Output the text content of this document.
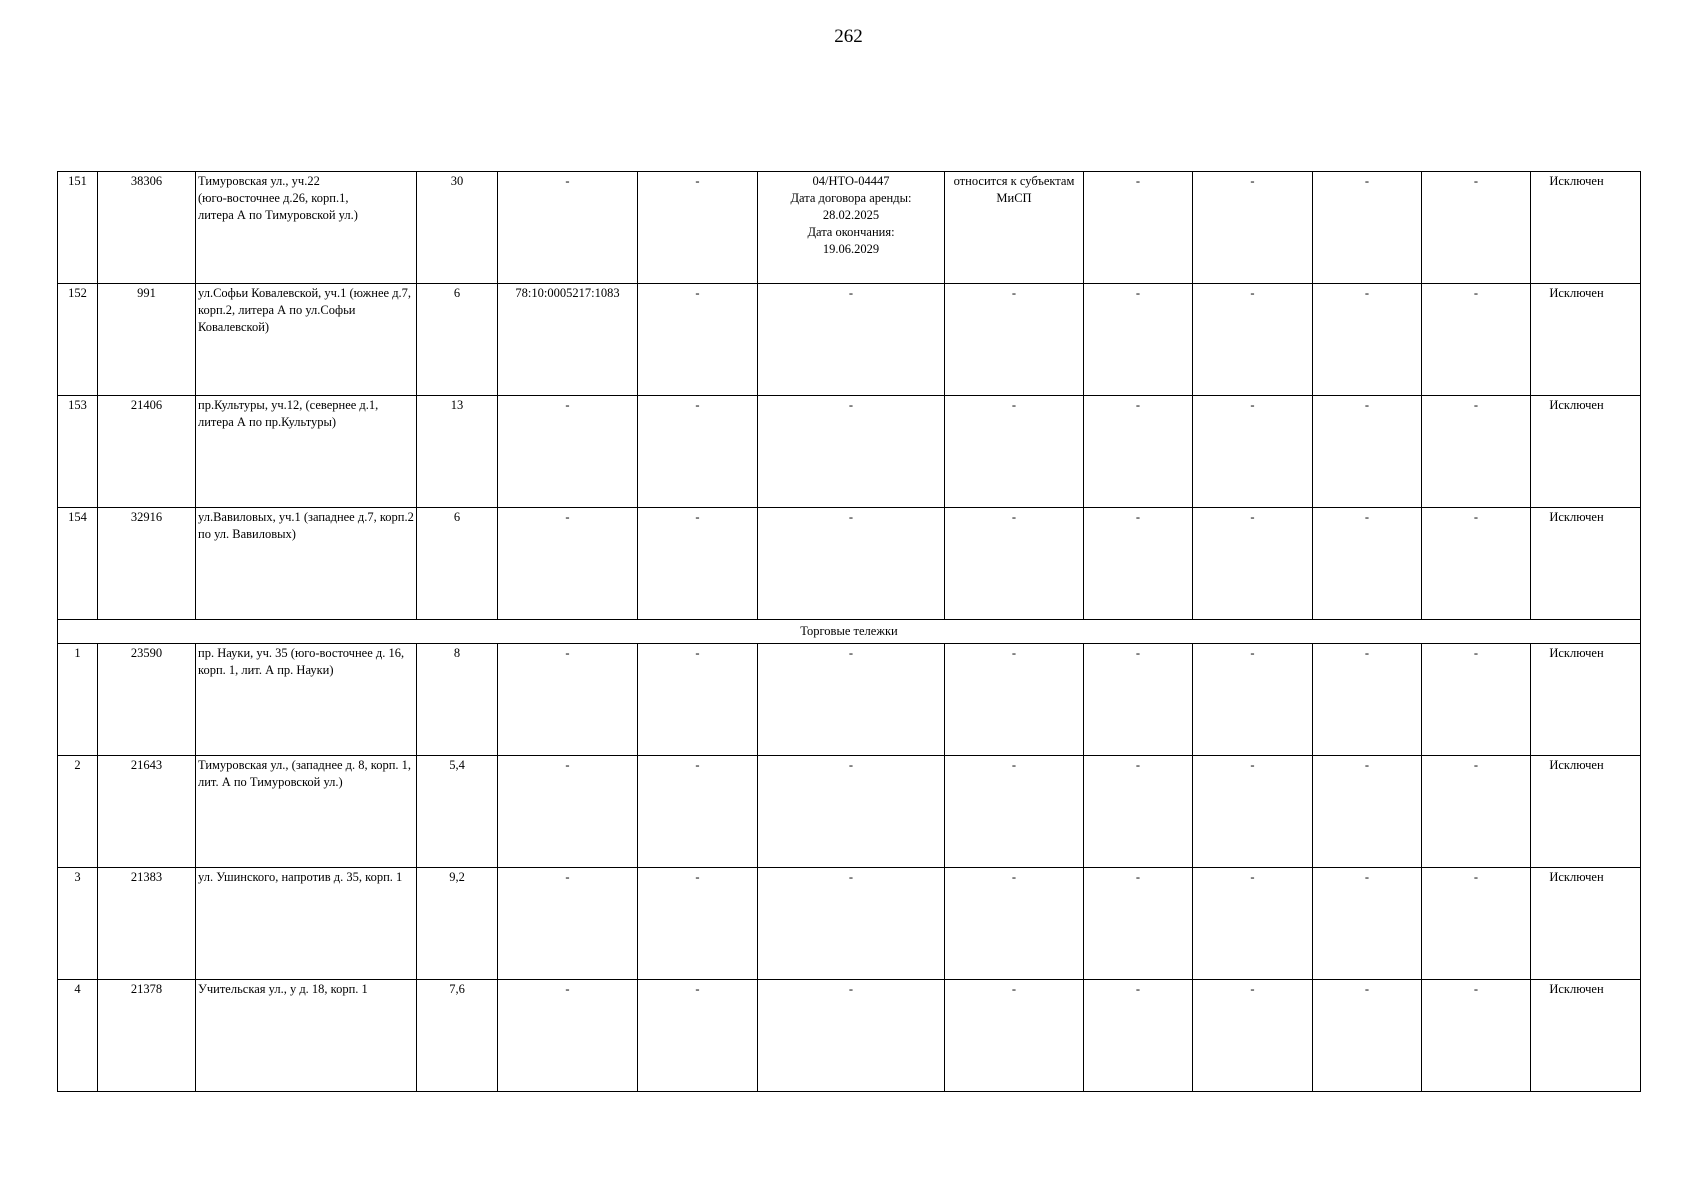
262
151	38306	Тимуровская ул., уч.22
(юго-восточнее д.26, корп.1,
литера А по Тимуровской ул.)	30	-	-	04/НТО-04447
Дата договора аренды:
28.02.2025
Дата окончания:
19.06.2029	относится к субъектам МиСП	-	-	-	-	Исключен
152	991	ул.Софьи Ковалевской, уч.1 (южнее д.7, корп.2, литера А по ул.Софьи Ковалевской)	6	78:10:0005217:1083	-	-	-	-	-	-	-	Исключен
153	21406	пр.Культуры, уч.12, (севернее д.1, литера А по пр.Культуры)	13	-	-	-	-	-	-	-	-	Исключен
154	32916	ул.Вавиловых, уч.1 (западнее д.7, корп.2 по ул. Вавиловых)	6	-	-	-	-	-	-	-	-	Исключен
Торговые тележки												
1	23590	пр. Науки, уч. 35 (юго-восточнее д. 16, корп. 1, лит. А пр. Науки)	8	-	-	-	-	-	-	-	-	Исключен
2	21643	Тимуровская ул., (западнее д. 8, корп. 1, лит. А по Тимуровской ул.)	5,4	-	-	-	-	-	-	-	-	Исключен
3	21383	ул. Ушинского, напротив д. 35, корп. 1	9,2	-	-	-	-	-	-	-	-	Исключен
4	21378	Учительская ул., у д. 18, корп. 1	7,6	-	-	-	-	-	-	-	-	Исключен
